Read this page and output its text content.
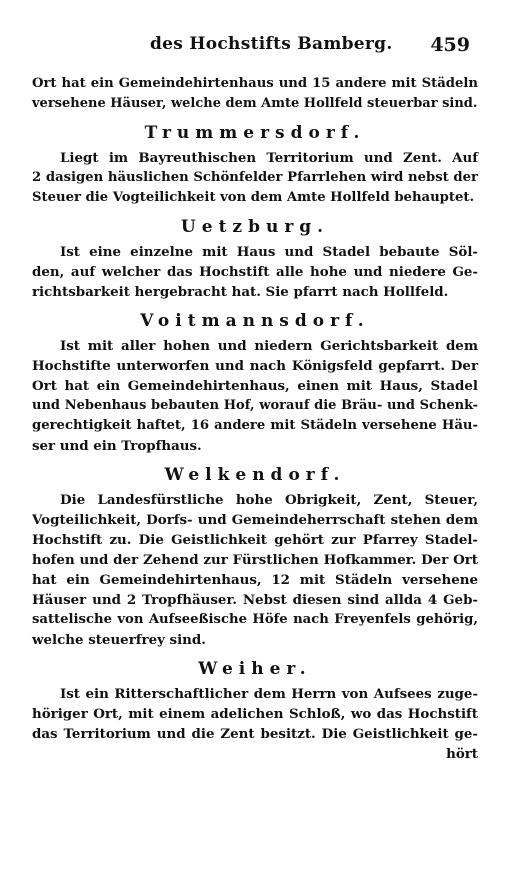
des Hochstifts Bamberg. 459
Ort hat ein Gemeindehirtenhaus und 15 andere mit Städeln
versehene Häuser, welche dem Amte Hollfeld steuerbar sind.
Trummersdorf.
Liegt im Bayreuthischen Territorium und Zent. Auf
2 dasigen häuslichen Schönfelder Pfarrlehen wird nebst der
Steuer die Vogteilichkeit von dem Amte Hollfeld behauptet.
Uetzburg.
Ist eine einzelne mit Haus und Stadel bebaute Söl-
den, auf welcher das Hochstift alle hohe und niedere Ge-
richtsbarkeit hergebracht hat. Sie pfarrt nach Hollfeld.
Voitmannsdorf.
Ist mit aller hohen und niedern Gerichtsbarkeit dem
Hochstifte unterworfen und nach Königsfeld gepfarrt. Der
Ort hat ein Gemeindehirtenhaus, einen mit Haus, Stadel
und Nebenhaus bebauten Hof, worauf die Bräu- und Schenk-
gerechtigkeit haftet, 16 andere mit Städeln versehene Häu-
ser und ein Tropfhaus.
Welkendorf.
Die Landesfürstliche hohe Obrigkeit, Zent, Steuer,
Vogteilichkeit, Dorfs- und Gemeindeherrschaft stehen dem
Hochstift zu. Die Geistlichkeit gehört zur Pfarrey Stadel-
hofen und der Zehend zur Fürstlichen Hofkammer. Der Ort
hat ein Gemeindehirtenhaus, 12 mit Städeln versehene
Häuser und 2 Tropfhäuser. Nebst diesen sind allda 4 Geb-
sattelische von Aufseeßische Höfe nach Freyenfels gehörig,
welche steuerfrey sind.
Weiher.
Ist ein Ritterschaftlicher dem Herrn von Aufsees zuge-
höriger Ort, mit einem adelichen Schloß, wo das Hochstift
das Territorium und die Zent besitzt. Die Geistlichkeit ge-
hört
